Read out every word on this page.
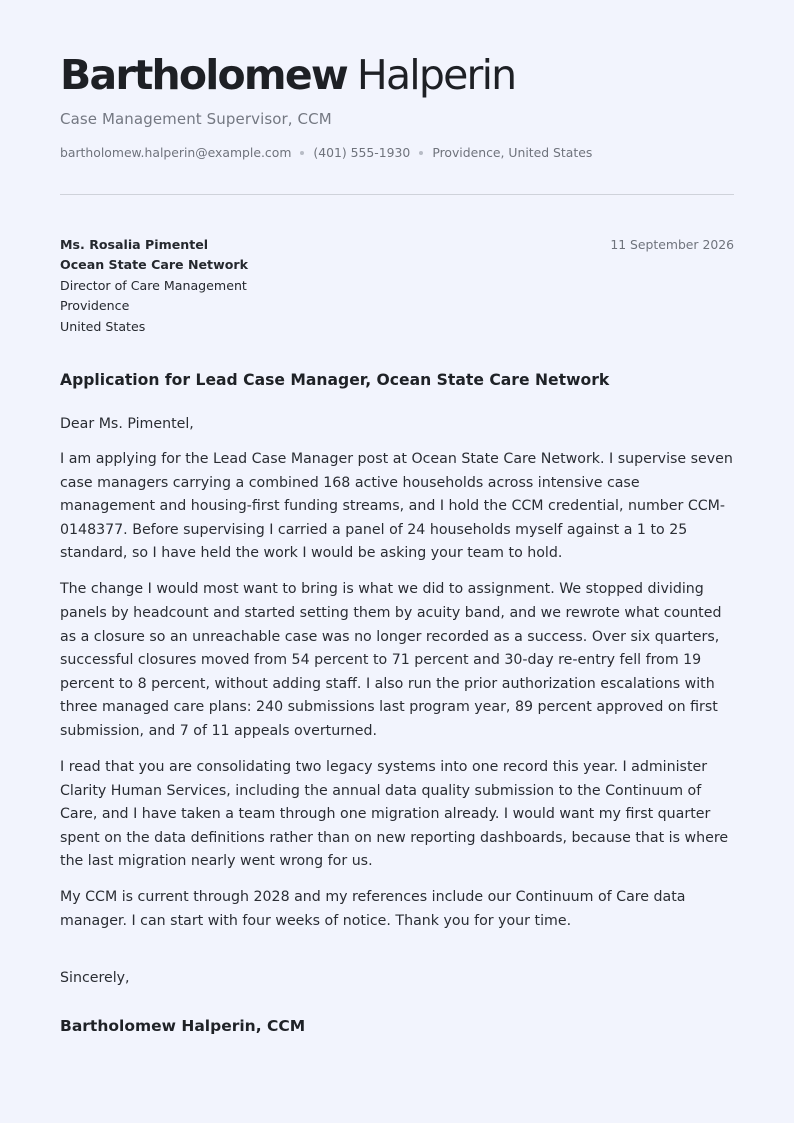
Bartholomew Halperin
Case Management Supervisor, CCM
bartholomew.halperin@example.com (401) 555-1930 Providence, United States
Ms. Rosalia Pimentel
Ocean State Care Network
Director of Care Management
Providence
United States
11 September 2026
Application for Lead Case Manager, Ocean State Care Network
Dear Ms. Pimentel,

I am applying for the Lead Case Manager post at Ocean State Care Network. I supervise seven case managers carrying a combined 168 active households across intensive case management and housing-first funding streams, and I hold the CCM credential, number CCM-0148377. Before supervising I carried a panel of 24 households myself against a 1 to 25 standard, so I have held the work I would be asking your team to hold.

The change I would most want to bring is what we did to assignment. We stopped dividing panels by headcount and started setting them by acuity band, and we rewrote what counted as a closure so an unreachable case was no longer recorded as a success. Over six quarters, successful closures moved from 54 percent to 71 percent and 30-day re-entry fell from 19 percent to 8 percent, without adding staff. I also run the prior authorization escalations with three managed care plans: 240 submissions last program year, 89 percent approved on first submission, and 7 of 11 appeals overturned.

I read that you are consolidating two legacy systems into one record this year. I administer Clarity Human Services, including the annual data quality submission to the Continuum of Care, and I have taken a team through one migration already. I would want my first quarter spent on the data definitions rather than on new reporting dashboards, because that is where the last migration nearly went wrong for us.

My CCM is current through 2028 and my references include our Continuum of Care data manager. I can start with four weeks of notice. Thank you for your time.

Sincerely,
Bartholomew Halperin, CCM
